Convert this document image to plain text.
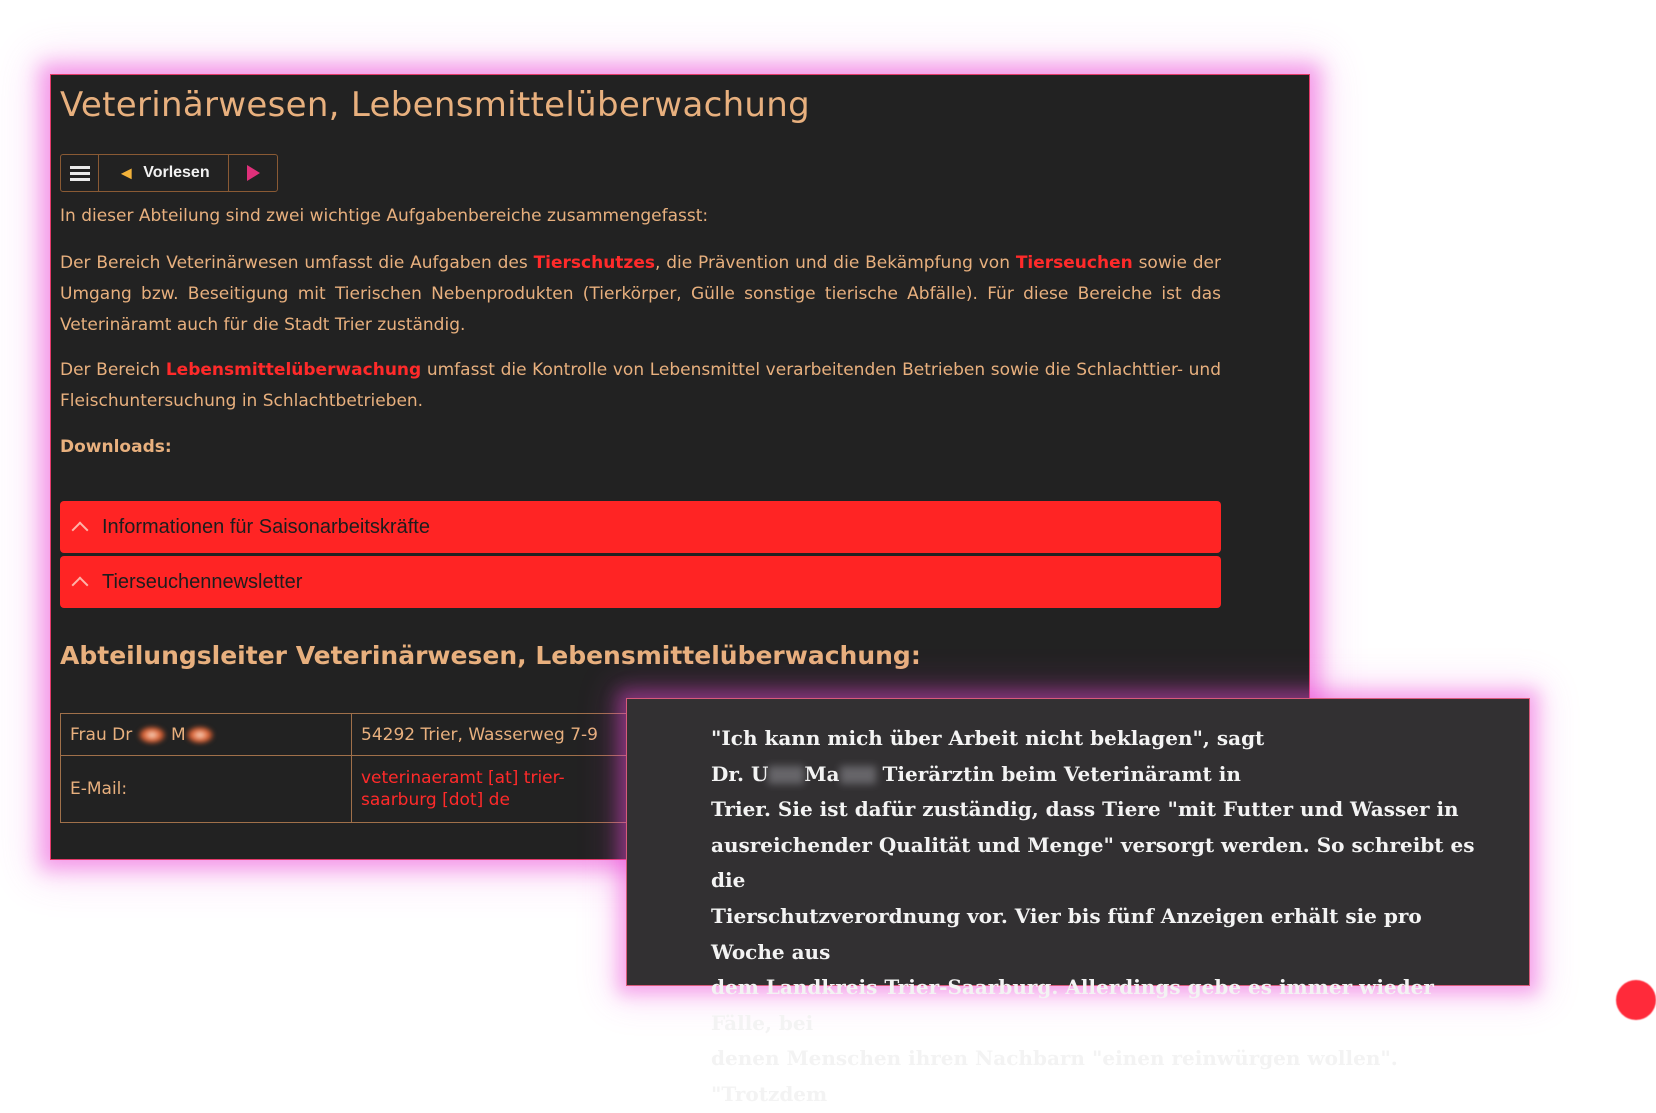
Veterinärwesen, Lebensmittelüberwachung
◄ Vorlesen

In dieser Abteilung sind zwei wichtige Aufgabenbereiche zusammengefasst:

Der Bereich Veterinärwesen umfasst die Aufgaben des Tierschutzes, die Prävention und die Bekämpfung von Tierseuchen sowie der Umgang bzw. Beseitigung mit Tierischen Nebenprodukten (Tierkörper, Gülle sonstige tierische Abfälle). Für diese Bereiche ist das Veterinäramt auch für die Stadt Trier zuständig.

Der Bereich Lebensmittelüberwachung umfasst die Kontrolle von Lebensmittel verarbeitenden Betrieben sowie die Schlachttier- und Fleischuntersuchung in Schlachtbetrieben.

Downloads:

Informationen für Saisonarbeitskräfte
Tierseuchennewsletter
Abteilungsleiter Veterinärwesen, Lebensmittelüberwachung:
Frau Dr M	54292 Trier, Wasserweg 7-9
E-Mail:	veterinaeramt [at] trier-
saarburg [dot] de
"Ich kann mich über Arbeit nicht beklagen", sagt
Dr. U Ma Tierärztin beim Veterinäramt in
Trier. Sie ist dafür zuständig, dass Tiere "mit Futter und Wasser in
ausreichender Qualität und Menge" versorgt werden. So schreibt es die
Tierschutzverordnung vor. Vier bis fünf Anzeigen erhält sie pro Woche aus
dem Landkreis Trier-Saarburg. Allerdings gebe es immer wieder Fälle, bei
denen Menschen ihren Nachbarn "einen reinwürgen wollen". "Trotzdem
